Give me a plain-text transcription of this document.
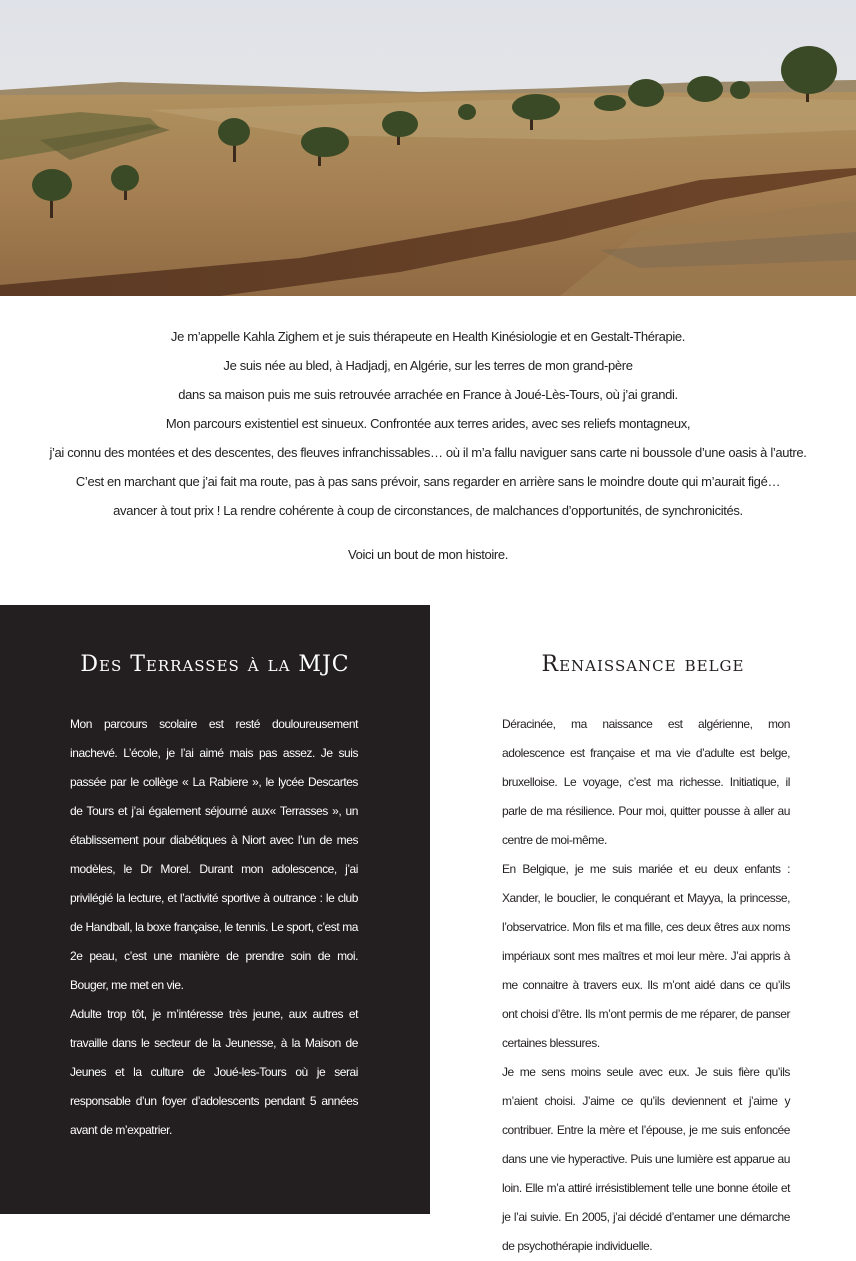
Je m’appelle Kahla Zighem et je suis thérapeute en Health Kinésiologie et en Gestalt-Thérapie.
Je suis née au bled, à Hadjadj, en Algérie, sur les terres de mon grand-père
dans sa maison puis me suis retrouvée arrachée en France à Joué-Lès-Tours, où j’ai grandi.
Mon parcours existentiel est sinueux. Confrontée aux terres arides, avec ses reliefs montagneux,
j’ai connu des montées et des descentes, des fleuves infranchissables… où il m’a fallu naviguer sans carte ni boussole d’une oasis à l’autre.
C’est en marchant que j’ai fait ma route, pas à pas sans prévoir, sans regarder en arrière sans le moindre doute qui m’aurait figé…
avancer à tout prix ! La rendre cohérente à coup de circonstances, de malchances d’opportunités, de synchronicités.
Voici un bout de mon histoire.
Des Terrasses à la MJC

Mon parcours scolaire est resté douloureusement inachevé. L’école, je l’ai aimé mais pas assez. Je suis passée par le collège « La Rabiere », le lycée Descartes de Tours et j’ai également séjourné aux« Terrasses », un établissement pour diabétiques à Niort avec l’un de mes modèles, le Dr Morel. Durant mon adolescence, j’ai privilégié la lecture, et l’activité sportive à outrance : le club de Handball, la boxe française, le tennis. Le sport, c’est ma 2e peau, c’est une manière de prendre soin de moi. Bouger, me met en vie.

Adulte trop tôt, je m’intéresse très jeune, aux autres et travaille dans le secteur de la Jeunesse, à la Maison de Jeunes et la culture de Joué-les-Tours où je serai responsable d’un foyer d’adolescents pendant 5 années avant de m’expatrier.

Renaissance belge

Déracinée, ma naissance est algérienne, mon adolescence est française et ma vie d’adulte est belge, bruxelloise. Le voyage, c’est ma richesse. Initiatique, il parle de ma résilience. Pour moi, quitter pousse à aller au centre de moi-même.

En Belgique, je me suis mariée et eu deux enfants : Xander, le bouclier, le conquérant et Mayya, la princesse, l’observatrice. Mon fils et ma fille, ces deux êtres aux noms impériaux sont mes maîtres et moi leur mère. J’ai appris à me connaitre à travers eux. Ils m’ont aidé dans ce qu’ils ont choisi d’être. Ils m’ont permis de me réparer, de panser certaines blessures.

Je me sens moins seule avec eux. Je suis fière qu’ils m’aient choisi. J’aime ce qu’ils deviennent et j’aime y contribuer. Entre la mère et l’épouse, je me suis enfoncée dans une vie hyperactive. Puis une lumière est apparue au loin. Elle m’a attiré irrésistiblement telle une bonne étoile et je l’ai suivie. En 2005, j’ai décidé d’entamer une démarche de psychothérapie individuelle.
